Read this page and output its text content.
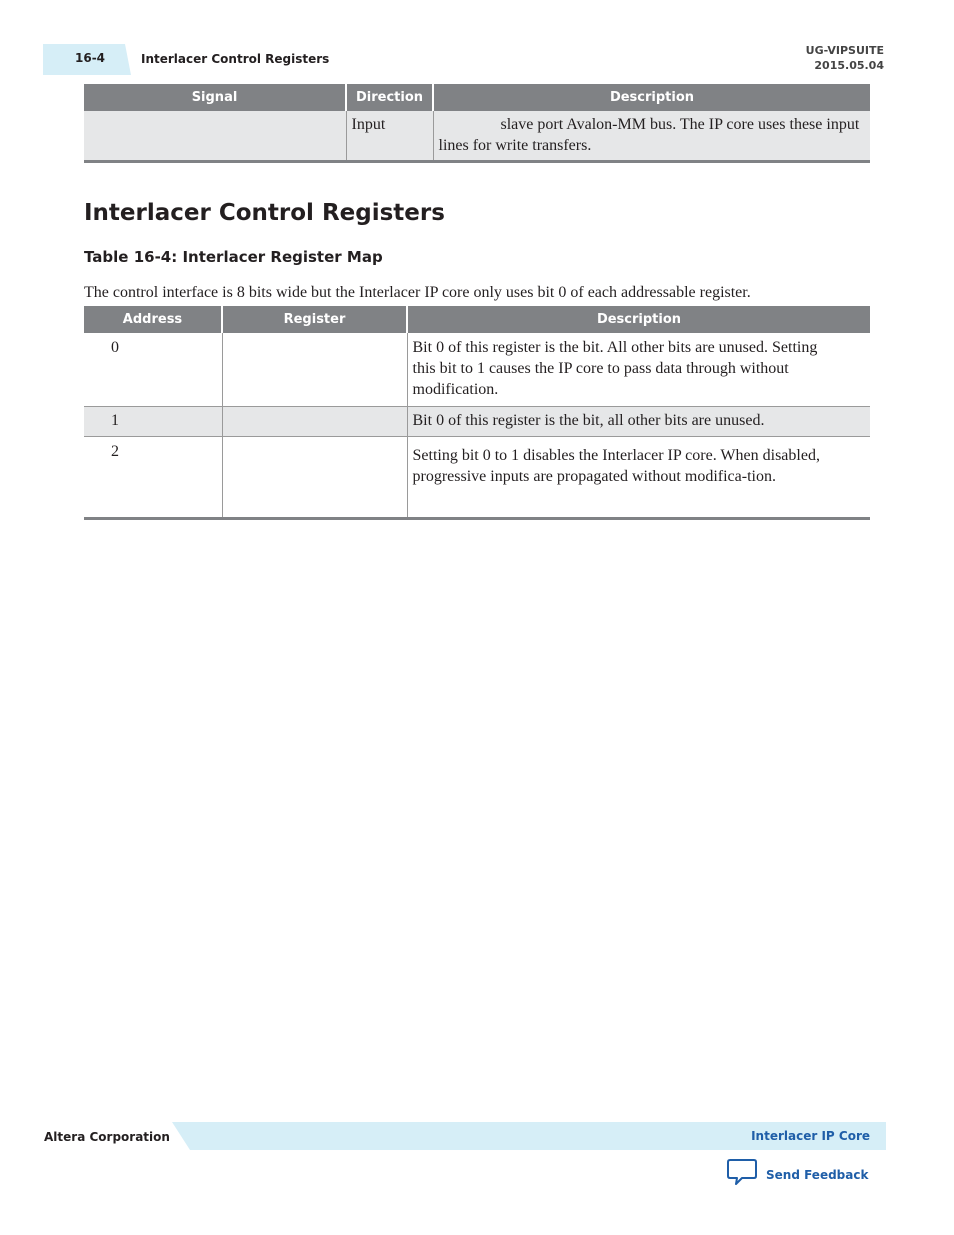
16-4	Interlacer Control Registers
UG-VIPSUITE
2015.05.04
Signal	Direction	Description
	Input	slave port Avalon-MM bus. The IP core uses these input lines for write transfers.
Interlacer Control Registers
Table 16-4: Interlacer Register Map
The control interface is 8 bits wide but the Interlacer IP core only uses bit 0 of each addressable register.
Address	Register	Description
0		Bit 0 of this register is the bit. All other bits are unused. Setting this bit to 1 causes the IP core to pass data through without modification.
1		Bit 0 of this register is the bit, all other bits are unused.
2		Setting bit 0 to 1 disables the Interlacer IP core. When disabled, progressive inputs are propagated without modifica-tion.
Altera Corporation	Interlacer IP Core
Send Feedback
